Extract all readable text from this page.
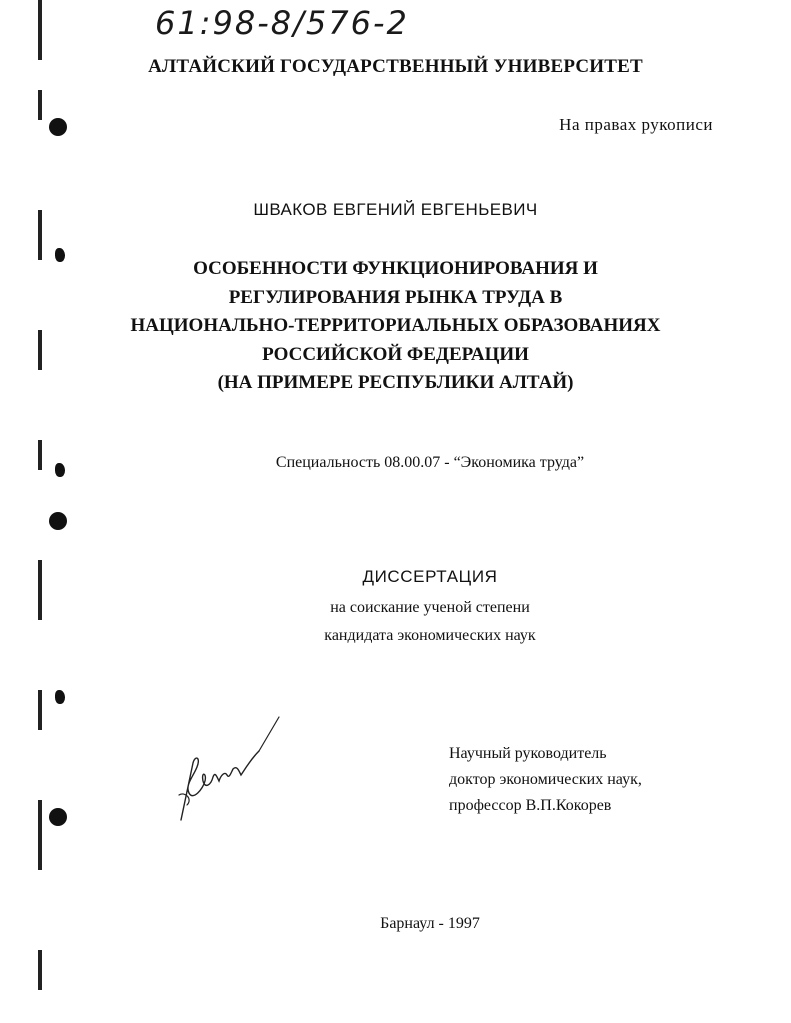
61:98-8/576-2
АЛТАЙСКИЙ ГОСУДАРСТВЕННЫЙ УНИВЕРСИТЕТ
На правах рукописи
ШВАКОВ ЕВГЕНИЙ ЕВГЕНЬЕВИЧ
ОСОБЕННОСТИ ФУНКЦИОНИРОВАНИЯ И
РЕГУЛИРОВАНИЯ РЫНКА ТРУДА В
НАЦИОНАЛЬНО-ТЕРРИТОРИАЛЬНЫХ ОБРАЗОВАНИЯХ
РОССИЙСКОЙ ФЕДЕРАЦИИ
(НА ПРИМЕРЕ РЕСПУБЛИКИ АЛТАЙ)
Специальность 08.00.07 - “Экономика труда”
ДИССЕРТАЦИЯ
на соискание ученой степени
кандидата экономических наук
Научный руководитель
доктор экономических наук,
профессор В.П.Кокорев
Барнаул - 1997
